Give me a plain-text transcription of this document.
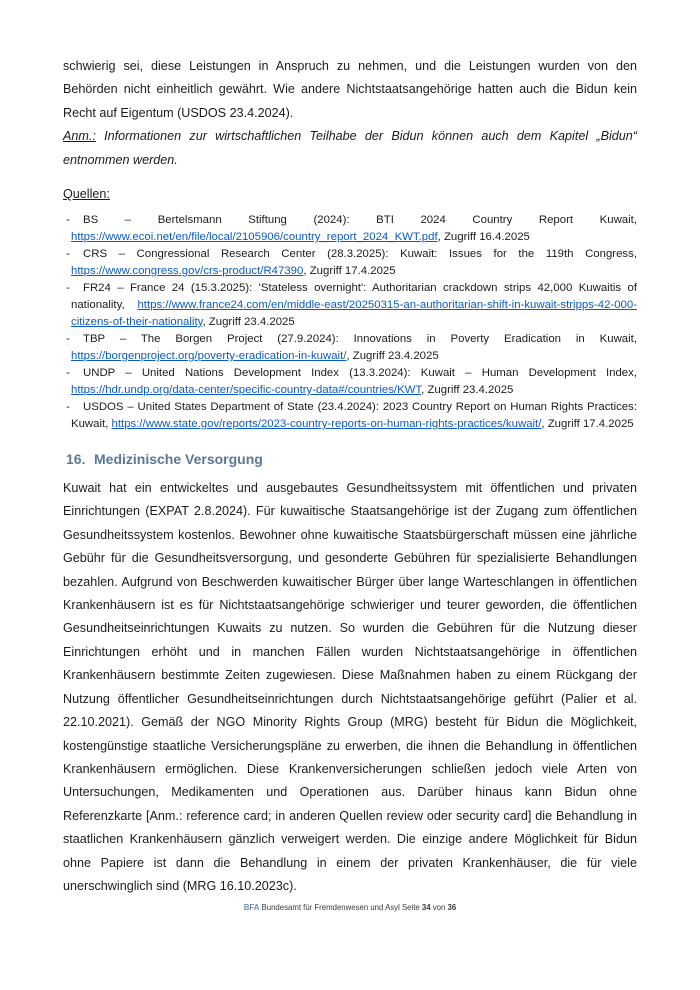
schwierig sei, diese Leistungen in Anspruch zu nehmen, und die Leistungen wurden von den Behörden nicht einheitlich gewährt. Wie andere Nichtstaatsangehörige hatten auch die Bidun kein Recht auf Eigentum (USDOS 23.4.2024).

Anm.: Informationen zur wirtschaftlichen Teilhabe der Bidun können auch dem Kapitel „Bidun“ entnommen werden.

Quellen:

- BS – Bertelsmann Stiftung (2024): BTI 2024 Country Report Kuwait, https://www.ecoi.net/en/file/local/2105906/country_report_2024_KWT.pdf, Zugriff 16.4.2025

- CRS – Congressional Research Center (28.3.2025): Kuwait: Issues for the 119th Congress, https://www.congress.gov/crs-product/R47390, Zugriff 17.4.2025

- FR24 – France 24 (15.3.2025): 'Stateless overnight': Authoritarian crackdown strips 42,000 Kuwaitis of nationality, https://www.france24.com/en/middle-east/20250315-an-authoritarian-shift-in-kuwait-stripps-42-000-citizens-of-their-nationality, Zugriff 23.4.2025

- TBP – The Borgen Project (27.9.2024): Innovations in Poverty Eradication in Kuwait, https://borgenproject.org/poverty-eradication-in-kuwait/, Zugriff 23.4.2025

- UNDP – United Nations Development Index (13.3.2024): Kuwait – Human Development Index, https://hdr.undp.org/data-center/specific-country-data#/countries/KWT, Zugriff 23.4.2025

- USDOS – United States Department of State (23.4.2024): 2023 Country Report on Human Rights Practices: Kuwait, https://www.state.gov/reports/2023-country-reports-on-human-rights-practices/kuwait/, Zugriff 17.4.2025

16. Medizinische Versorgung

Kuwait hat ein entwickeltes und ausgebautes Gesundheitssystem mit öffentlichen und privaten Einrichtungen (EXPAT 2.8.2024). Für kuwaitische Staatsangehörige ist der Zugang zum öffentlichen Gesundheitssystem kostenlos. Bewohner ohne kuwaitische Staatsbürgerschaft müssen eine jährliche Gebühr für die Gesundheitsversorgung, und gesonderte Gebühren für spezialisierte Behandlungen bezahlen. Aufgrund von Beschwerden kuwaitischer Bürger über lange Warteschlangen in öffentlichen Krankenhäusern ist es für Nichtstaatsangehörige schwieriger und teurer geworden, die öffentlichen Gesundheitseinrichtungen Kuwaits zu nutzen. So wurden die Gebühren für die Nutzung dieser Einrichtungen erhöht und in manchen Fällen wurden Nichtstaatsangehörige in öffentlichen Krankenhäusern bestimmte Zeiten zugewiesen. Diese Maßnahmen haben zu einem Rückgang der Nutzung öffentlicher Gesundheitseinrichtungen durch Nichtstaatsangehörige geführt (Palier et al. 22.10.2021). Gemäß der NGO Minority Rights Group (MRG) besteht für Bidun die Möglichkeit, kostengünstige staatliche Versicherungspläne zu erwerben, die ihnen die Behandlung in öffentlichen Krankenhäusern ermöglichen. Diese Krankenversicherungen schließen jedoch viele Arten von Untersuchungen, Medikamenten und Operationen aus. Darüber hinaus kann Bidun ohne Referenzkarte [Anm.: reference card; in anderen Quellen review oder security card] die Behandlung in staatlichen Krankenhäusern gänzlich verweigert werden. Die einzige andere Möglichkeit für Bidun ohne Papiere ist dann die Behandlung in einem der privaten Krankenhäuser, die für viele unerschwinglich sind (MRG 16.10.2023c).

BFA Bundesamt für Fremdenwesen und Asyl Seite 34 von 36
